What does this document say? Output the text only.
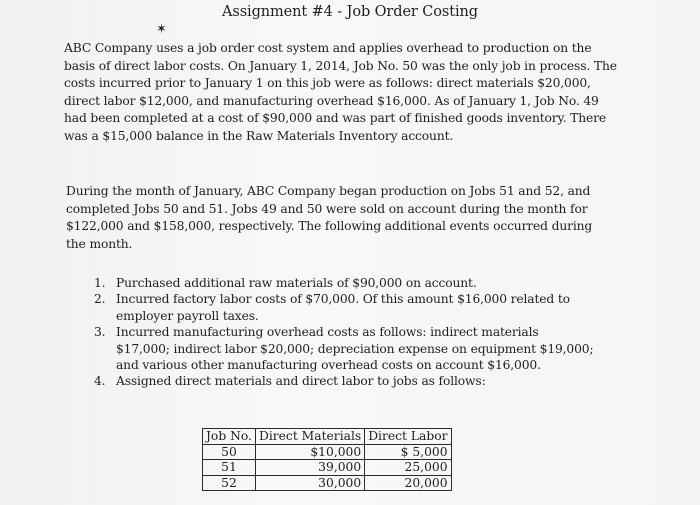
✶
Assignment #4 - Job Order Costing

ABC Company uses a job order cost system and applies overhead to production on the basis of direct labor costs. On January 1, 2014, Job No. 50 was the only job in process. The costs incurred prior to January 1 on this job were as follows: direct materials $20,000, direct labor $12,000, and manufacturing overhead $16,000. As of January 1, Job No. 49 had been completed at a cost of $90,000 and was part of finished goods inventory. There was a $15,000 balance in the Raw Materials Inventory account.

During the month of January, ABC Company began production on Jobs 51 and 52, and completed Jobs 50 and 51. Jobs 49 and 50 were sold on account during the month for $122,000 and $158,000, respectively. The following additional events occurred during the month.

1. Purchased additional raw materials of $90,000 on account.
2. Incurred factory labor costs of $70,000. Of this amount $16,000 related to employer payroll taxes.
3. Incurred manufacturing overhead costs as follows: indirect materials $17,000; indirect labor $20,000; depreciation expense on equipment $19,000; and various other manufacturing overhead costs on account $16,000.
4. Assigned direct materials and direct labor to jobs as follows:
Job No.	Direct Materials	Direct Labor
50	$10,000	$ 5,000
51	39,000	25,000
52	30,000	20,000
